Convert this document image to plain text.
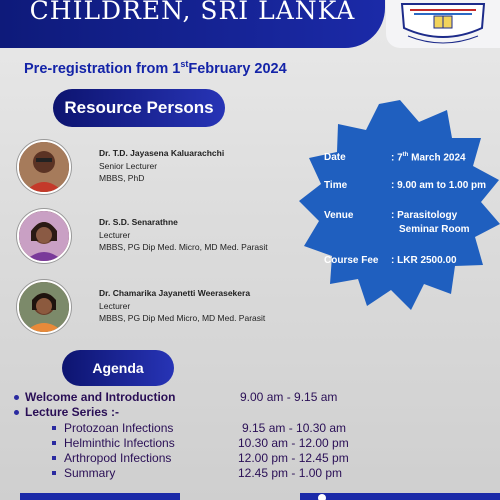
CHILDREN, SRI LANKA
Pre-registration from 1stFebruary 2024
Resource Persons
Dr. T.D. Jayasena Kaluarachchi
Senior Lecturer
MBBS, PhD
Dr. S.D. Senarathne
Lecturer
MBBS, PG Dip Med. Micro, MD Med. Parasit
Dr. Chamarika Jayanetti Weerasekera
Lecturer
MBBS, PG Dip Med Micro, MD Med. Parasit
Date	: 7th March 2024
Time	: 9.00 am to 1.00 pm
Venue	: Parasitology
Seminar Room
Course Fee : LKR 2500.00
Agenda
Welcome and Introduction	9.00 am - 9.15 am
Lecture Series :-
Protozoan Infections	9.15 am - 10.30 am
Helminthic Infections	10.30 am - 12.00 pm
Arthropod Infections	12.00 pm - 12.45 pm
Summary	12.45 pm - 1.00 pm
